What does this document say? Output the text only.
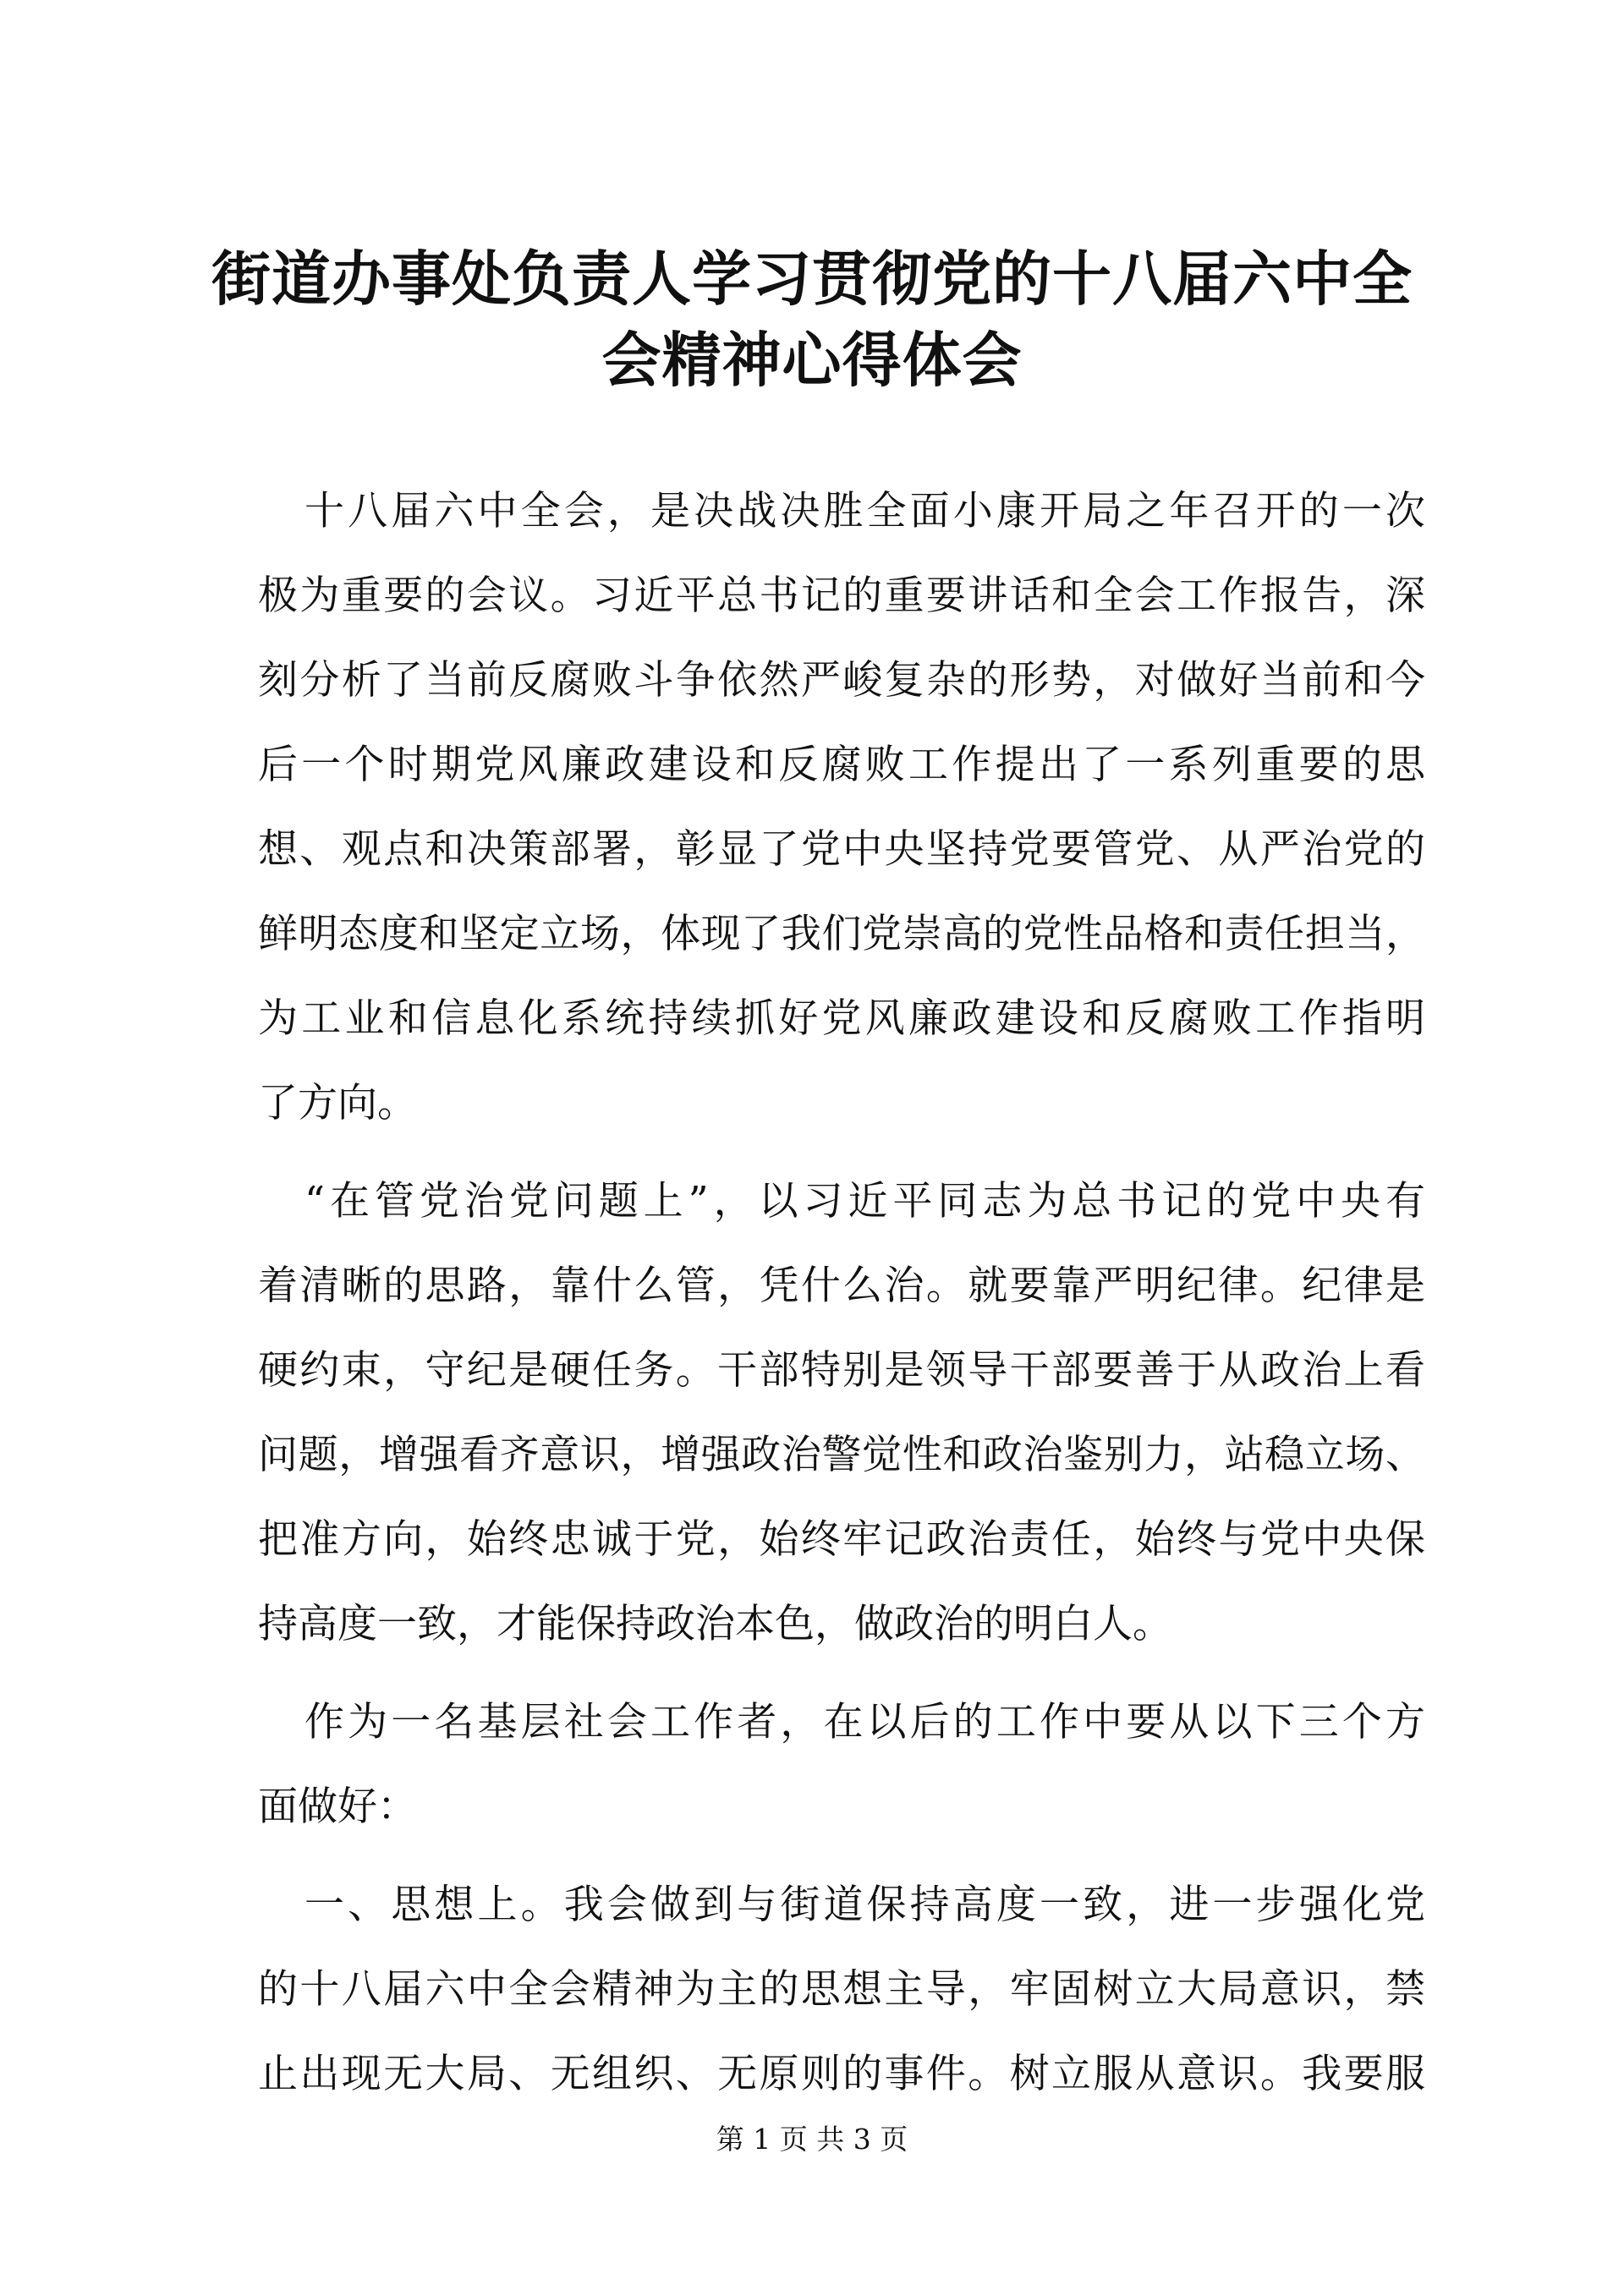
街道办事处负责人学习贯彻党的十八届六中全
会精神心得体会
十八届六中全会，是决战决胜全面小康开局之年召开的一次
极为重要的会议。习近平总书记的重要讲话和全会工作报告，深
刻分析了当前反腐败斗争依然严峻复杂的形势，对做好当前和今
后一个时期党风廉政建设和反腐败工作提出了一系列重要的思
想、观点和决策部署，彰显了党中央坚持党要管党、从严治党的
鲜明态度和坚定立场，体现了我们党崇高的党性品格和责任担当，
为工业和信息化系统持续抓好党风廉政建设和反腐败工作指明
了方向。
“在管党治党问题上”，以习近平同志为总书记的党中央有
着清晰的思路，靠什么管，凭什么治。就要靠严明纪律。纪律是
硬约束，守纪是硬任务。干部特别是领导干部要善于从政治上看
问题，增强看齐意识，增强政治警觉性和政治鉴别力，站稳立场、
把准方向，始终忠诚于党，始终牢记政治责任，始终与党中央保
持高度一致，才能保持政治本色，做政治的明白人。
作为一名基层社会工作者，在以后的工作中要从以下三个方
面做好：
一、思想上。我会做到与街道保持高度一致，进一步强化党
的十八届六中全会精神为主的思想主导，牢固树立大局意识，禁
止出现无大局、无组织、无原则的事件。树立服从意识。我要服
第 1 页 共 3 页
